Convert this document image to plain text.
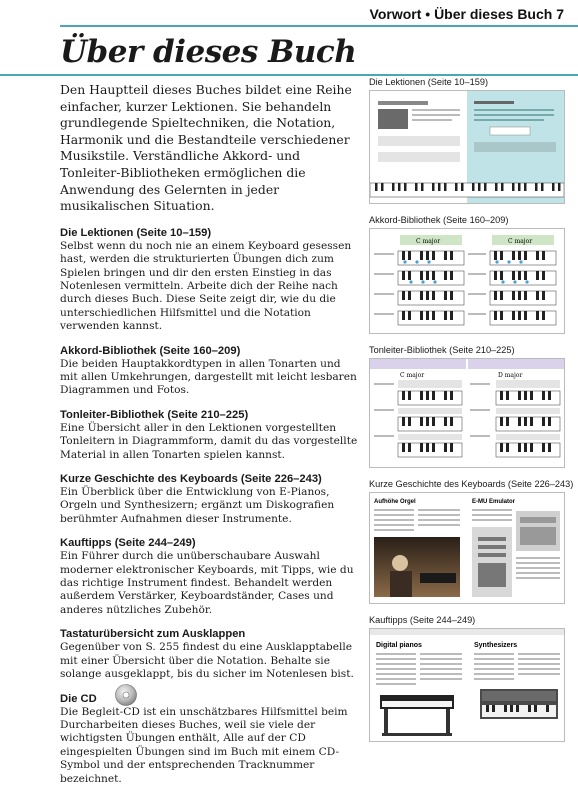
Vorwort • Über dieses Buch 7
Über dieses Buch

Den Hauptteil dieses Buches bildet eine Reihe einfacher, kurzer Lektionen. Sie behandeln grundlegende Spieltechniken, die Notation, Harmonik und die Bestandteile verschiedener Musikstile. Verständliche Akkord- und Tonleiter-Bibliotheken ermöglichen die Anwendung des Gelernten in jeder musikalischen Situation.

Die Lektionen (Seite 10–159)

Selbst wenn du noch nie an einem Keyboard gesessen hast, werden die strukturierten Übungen dich zum Spielen bringen und dir den ersten Einstieg in das Notenlesen vermitteln. Arbeite dich der Reihe nach durch dieses Buch. Diese Seite zeigt dir, wie du die unterschiedlichen Hilfsmittel und die Notation verwenden kannst.

Akkord-Bibliothek (Seite 160–209)

Die beiden Hauptakkordtypen in allen Tonarten und mit allen Umkehrungen, dargestellt mit leicht lesbaren Diagrammen und Fotos.

Tonleiter-Bibliothek (Seite 210–225)

Eine Übersicht aller in den Lektionen vorgestellten Tonleitern in Diagrammform, damit du das vorgestellte Material in allen Tonarten spielen kannst.

Kurze Geschichte des Keyboards (Seite 226–243)

Ein Überblick über die Entwicklung von E-Pianos, Orgeln und Synthesizern; ergänzt um Diskografien berühmter Aufnahmen dieser Instrumente.

Kauftipps (Seite 244–249)

Ein Führer durch die unüberschaubare Auswahl moderner elektronischer Keyboards, mit Tipps, wie du das richtige Instrument findest. Behandelt werden außerdem Verstärker, Keyboardständer, Cases und anderes nützliches Zubehör.

Tastaturübersicht zum Ausklappen

Gegenüber von S. 255 findest du eine Ausklapptabelle mit einer Übersicht über die Notation. Behalte sie solange ausgeklappt, bis du sicher im Notenlesen bist.

Die CD

Die Begleit-CD ist ein unschätzbares Hilfsmittel beim Durcharbeiten dieses Buches, weil sie viele der wichtigsten Übungen enthält, Alle auf der CD eingespielten Übungen sind im Buch mit einem CD-Symbol und der entsprechenden Tracknummer bezeichnet.

Die Lektionen (Seite 10–159)

Akkord-Bibliothek (Seite 160–209)

C major	C major

Tonleiter-Bibliothek (Seite 210–225)

C major	D major

Kurze Geschichte des Keyboards (Seite 226–243)

Aufhöhe Orgel	E-MU Emulator

Kauftipps (Seite 244–249)

Digital pianos	Synthesizers
